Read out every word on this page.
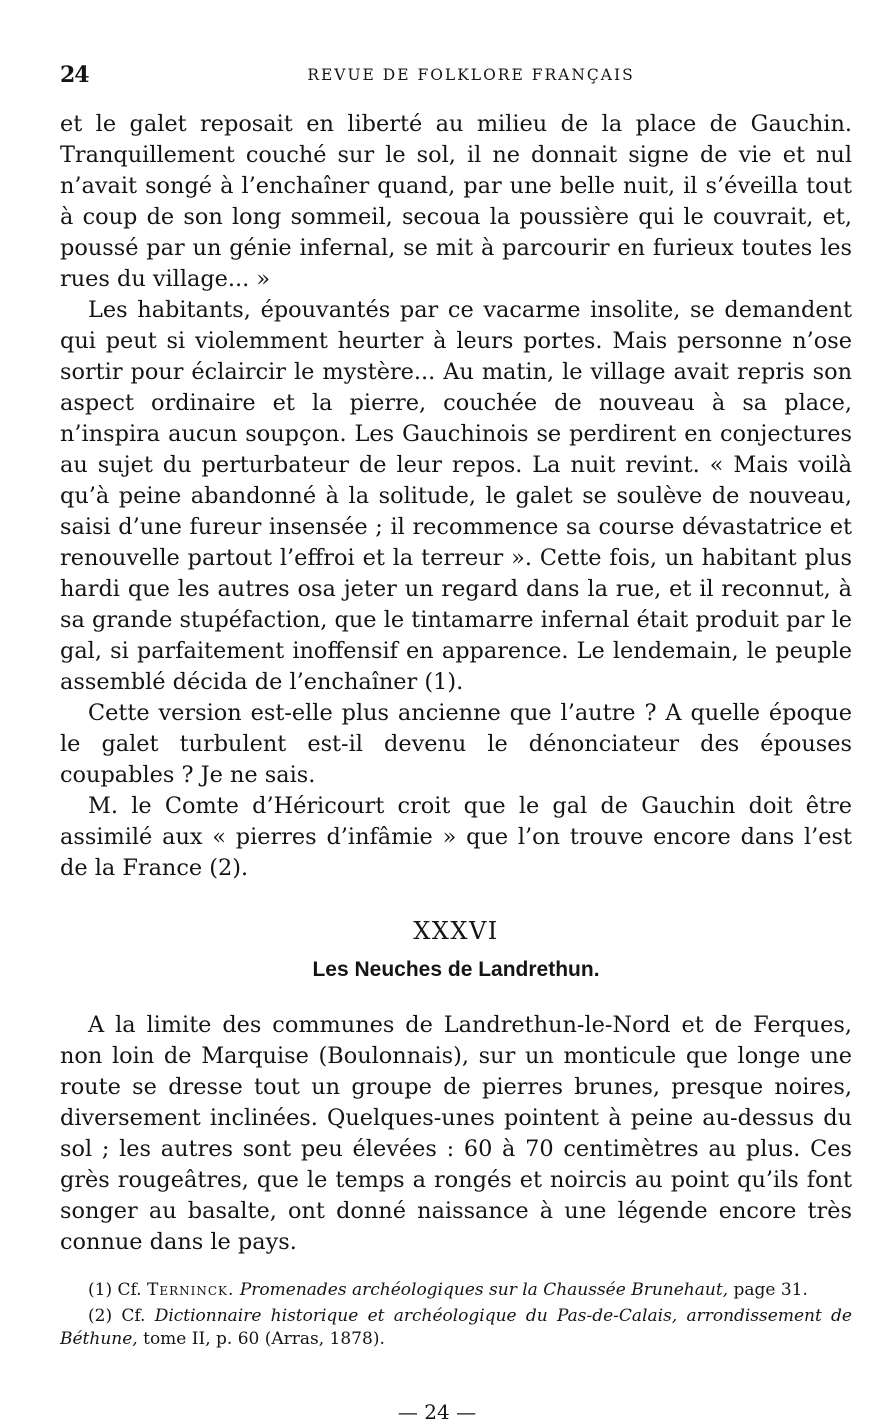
24	REVUE DE FOLKLORE FRANÇAIS

et le galet reposait en liberté au milieu de la place de Gauchin. Tranquillement couché sur le sol, il ne donnait signe de vie et nul n’avait songé à l’enchaîner quand, par une belle nuit, il s’éveilla tout à coup de son long sommeil, secoua la poussière qui le couvrait, et, poussé par un génie infernal, se mit à parcourir en furieux toutes les rues du village... »

Les habitants, épouvantés par ce vacarme insolite, se demandent qui peut si violemment heurter à leurs portes. Mais personne n’ose sortir pour éclaircir le mystère... Au matin, le village avait repris son aspect ordinaire et la pierre, couchée de nouveau à sa place, n’inspira aucun soupçon. Les Gauchinois se perdirent en conjectures au sujet du perturbateur de leur repos. La nuit revint. « Mais voilà qu’à peine abandonné à la solitude, le galet se soulève de nouveau, saisi d’une fureur insensée ; il recommence sa course dévastatrice et renouvelle partout l’effroi et la terreur ». Cette fois, un habitant plus hardi que les autres osa jeter un regard dans la rue, et il reconnut, à sa grande stupéfaction, que le tintamarre infernal était produit par le gal, si parfaitement inoffensif en apparence. Le lendemain, le peuple assemblé décida de l’enchaîner (1).

Cette version est-elle plus ancienne que l’autre ? A quelle époque le galet turbulent est-il devenu le dénonciateur des épouses coupables ? Je ne sais.

M. le Comte d’Héricourt croit que le gal de Gauchin doit être assimilé aux « pierres d’infâmie » que l’on trouve encore dans l’est de la France (2).

XXXVI
Les Neuches de Landrethun.

A la limite des communes de Landrethun-le-Nord et de Ferques, non loin de Marquise (Boulonnais), sur un monticule que longe une route se dresse tout un groupe de pierres brunes, presque noires, diversement inclinées. Quelques-unes pointent à peine au-dessus du sol ; les autres sont peu élevées : 60 à 70 centimètres au plus. Ces grès rougeâtres, que le temps a rongés et noircis au point qu’ils font songer au basalte, ont donné naissance à une légende encore très connue dans le pays.

(1) Cf. Terninck. Promenades archéologiques sur la Chaussée Brunehaut, page 31.

(2) Cf. Dictionnaire historique et archéologique du Pas-de-Calais, arrondissement de Béthune, tome II, p. 60 (Arras, 1878).

— 24 —
